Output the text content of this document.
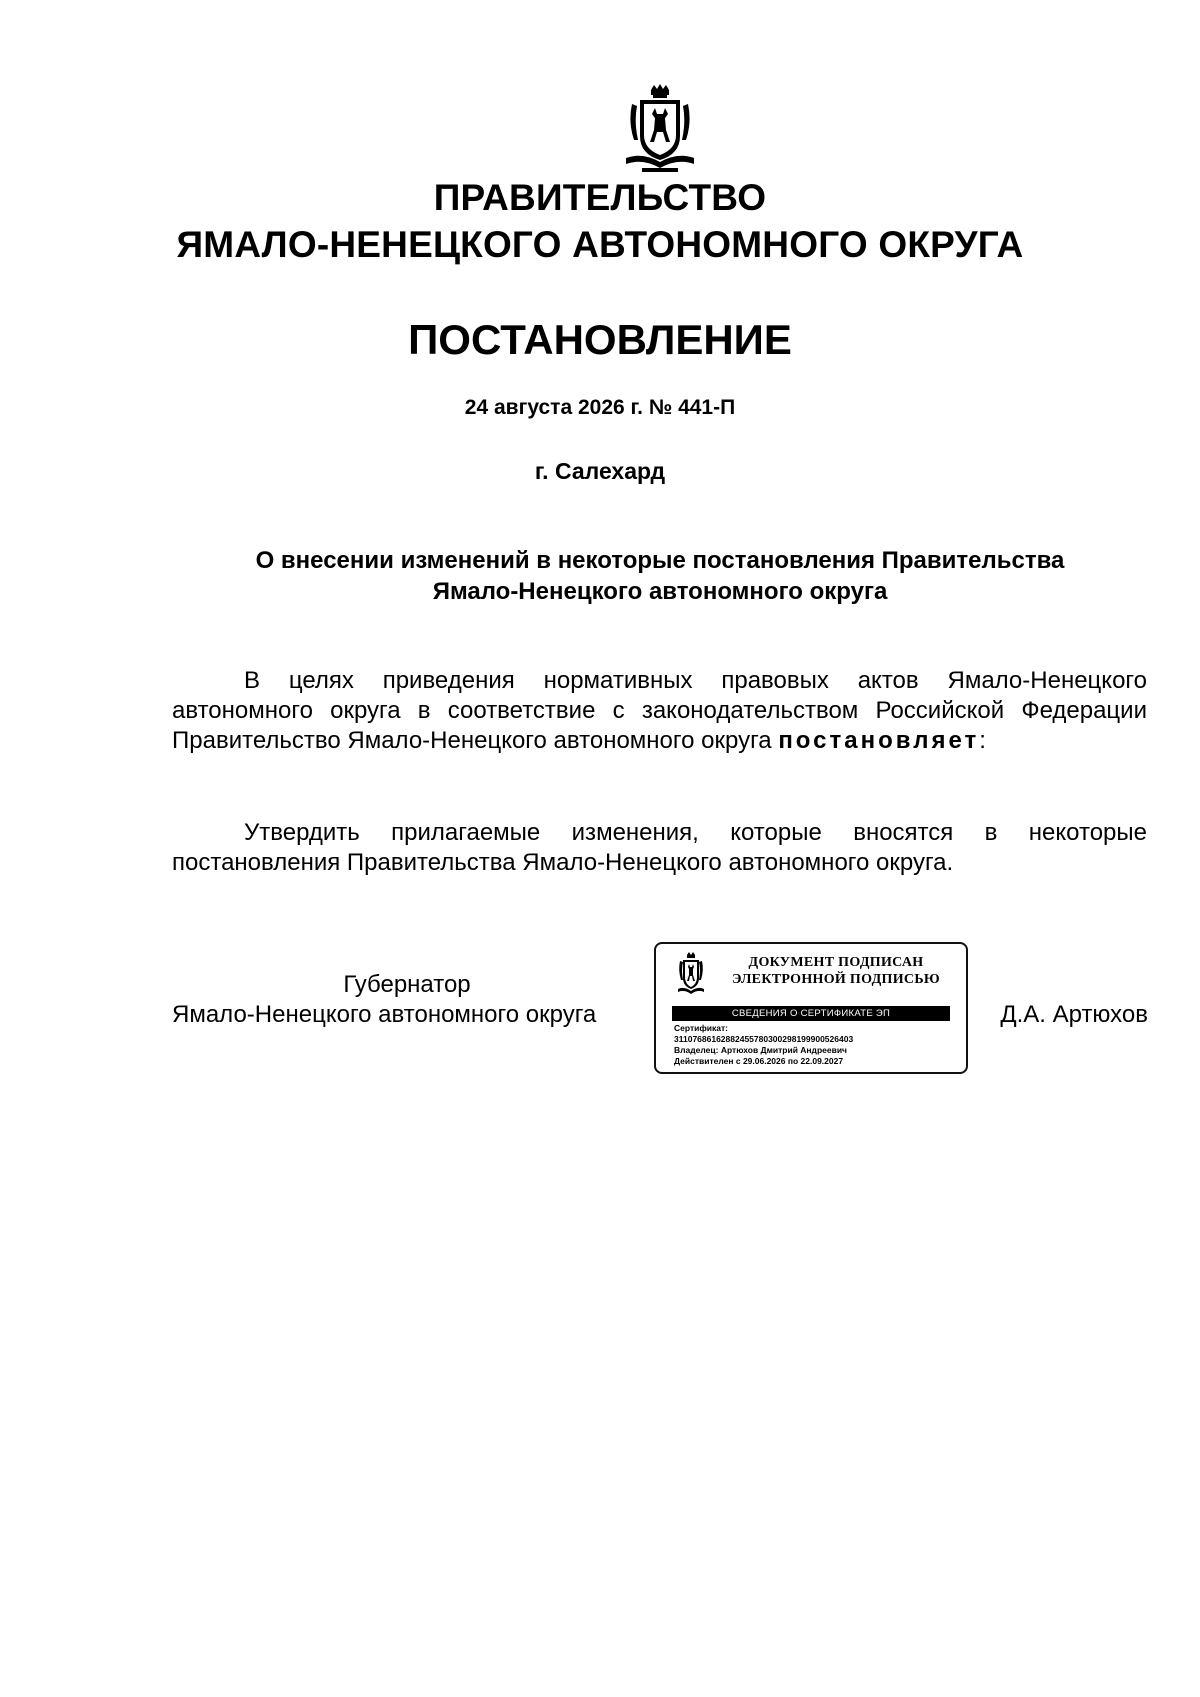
ПРАВИТЕЛЬСТВО
ЯМАЛО-НЕНЕЦКОГО АВТОНОМНОГО ОКРУГА
ПОСТАНОВЛЕНИЕ
24 августа 2026 г. № 441-П
г. Салехард
О внесении изменений в некоторые постановления Правительства
Ямало-Ненецкого автономного округа
В целях приведения нормативных правовых актов Ямало-Ненецкого автономного округа в соответствие с законодательством Российской Федерации Правительство Ямало-Ненецкого автономного округа постановляет:
Утвердить прилагаемые изменения, которые вносятся в некоторые постановления Правительства Ямало-Ненецкого автономного округа.
Губернатор
Ямало-Ненецкого автономного округа
ДОКУМЕНТ ПОДПИСАН
ЭЛЕКТРОННОЙ ПОДПИСЬЮ
СВЕДЕНИЯ О СЕРТИФИКАТЕ ЭП
Сертификат:
31107686162882455780300298199900526403
Владелец: Артюхов Дмитрий Андреевич
Действителен с 29.06.2026 по 22.09.2027
Д.А. Артюхов
